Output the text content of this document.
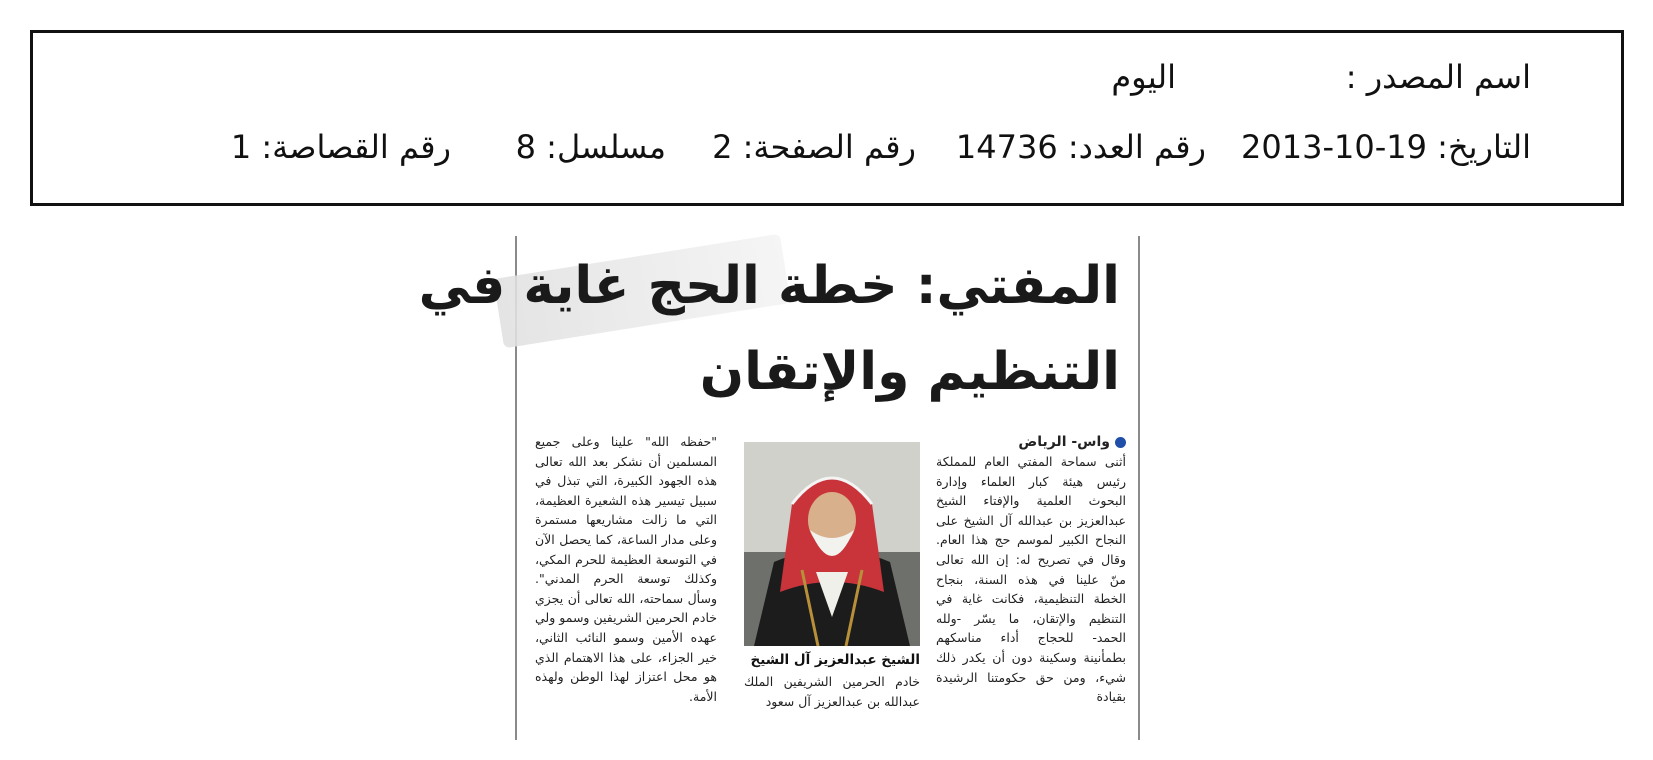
اسم المصدر :
اليوم
التاريخ: 19-10-2013
رقم العدد: 14736
رقم الصفحة: 2
مسلسل: 8
رقم القصاصة: 1
المفتي: خطة الحج غاية في
التنظيم والإتقان
واس- الرياض
أثنى سماحة المفتي العام للمملكة رئيس هيئة كبار العلماء وإدارة البحوث العلمية والإفتاء الشيخ عبدالعزيز بن عبدالله آل الشيخ على النجاح الكبير لموسم حج هذا العام. وقال في تصريح له: إن الله تعالى منّ علينا في هذه السنة، بنجاح الخطة التنظيمية، فكانت غاية في التنظيم والإتقان، ما يسّر -ولله الحمد- للحجاج أداء مناسكهم بطمأنينة وسكينة دون أن يكدر ذلك شيء، ومن حق حكومتنا الرشيدة بقيادة
الشيخ عبدالعزيز آل الشيخ
خادم الحرمين الشريفين الملك عبدالله بن عبدالعزيز آل سعود
"حفظه الله" علينا وعلى جميع المسلمين أن نشكر بعد الله تعالى هذه الجهود الكبيرة، التي تبذل في سبيل تيسير هذه الشعيرة العظيمة، التي ما زالت مشاريعها مستمرة وعلى مدار الساعة، كما يحصل الآن في التوسعة العظيمة للحرم المكي، وكذلك توسعة الحرم المدني". وسأل سماحته، الله تعالى أن يجزي خادم الحرمين الشريفين وسمو ولي عهده الأمين وسمو النائب الثاني، خير الجزاء، على هذا الاهتمام الذي هو محل اعتزاز لهذا الوطن ولهذه الأمة.
